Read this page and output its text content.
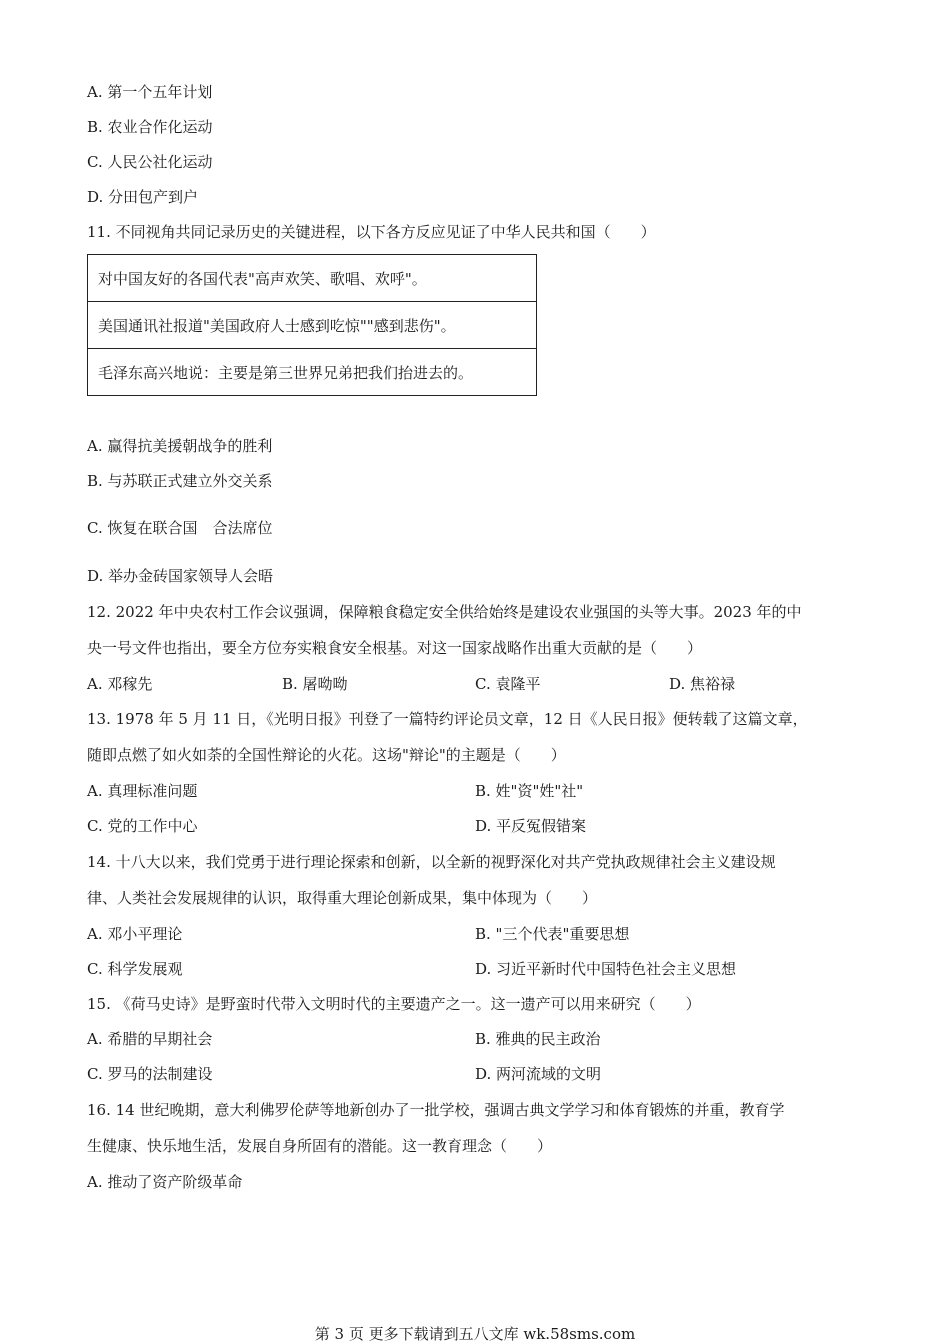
A. 第一个五年计划
B. 农业合作化运动
C. 人民公社化运动
D. 分田包产到户
11. 不同视角共同记录历史的关键进程，以下各方反应见证了中华人民共和国（　　）
对中国友好的各国代表"高声欢笑、歌唱、欢呼"。
美国通讯社报道"美国政府人士感到吃惊""感到悲伤"。
毛泽东高兴地说：主要是第三世界兄弟把我们抬进去的。
A. 赢得抗美援朝战争的胜利
B. 与苏联正式建立外交关系
C. 恢复在联合国　合法席位
D. 举办金砖国家领导人会晤
12. 2022 年中央农村工作会议强调，保障粮食稳定安全供给始终是建设农业强国的头等大事。2023 年的中
央一号文件也指出，要全方位夯实粮食安全根基。对这一国家战略作出重大贡献的是（　　）
A. 邓稼先	B. 屠呦呦	C. 袁隆平	D. 焦裕禄
13. 1978 年 5 月 11 日，《光明日报》刊登了一篇特约评论员文章，12 日《人民日报》便转载了这篇文章，
随即点燃了如火如荼的全国性辩论的火花。这场"辩论"的主题是（　　）
A. 真理标准问题	B. 姓"资"姓"社"
C. 党的工作中心	D. 平反冤假错案
14. 十八大以来，我们党勇于进行理论探索和创新，以全新的视野深化对共产党执政规律社会主义建设规
律、人类社会发展规律的认识，取得重大理论创新成果，集中体现为（　　）
A. 邓小平理论	B. "三个代表"重要思想
C. 科学发展观	D. 习近平新时代中国特色社会主义思想
15. 《荷马史诗》是野蛮时代带入文明时代的主要遗产之一。这一遗产可以用来研究（　　）
A. 希腊的早期社会	B. 雅典的民主政治
C. 罗马的法制建设	D. 两河流域的文明
16. 14 世纪晚期，意大利佛罗伦萨等地新创办了一批学校，强调古典文学学习和体育锻炼的并重，教育学
生健康、快乐地生活，发展自身所固有的潜能。这一教育理念（　　）
A. 推动了资产阶级革命
第 3 页 更多下载请到五八文库 wk.58sms.com
